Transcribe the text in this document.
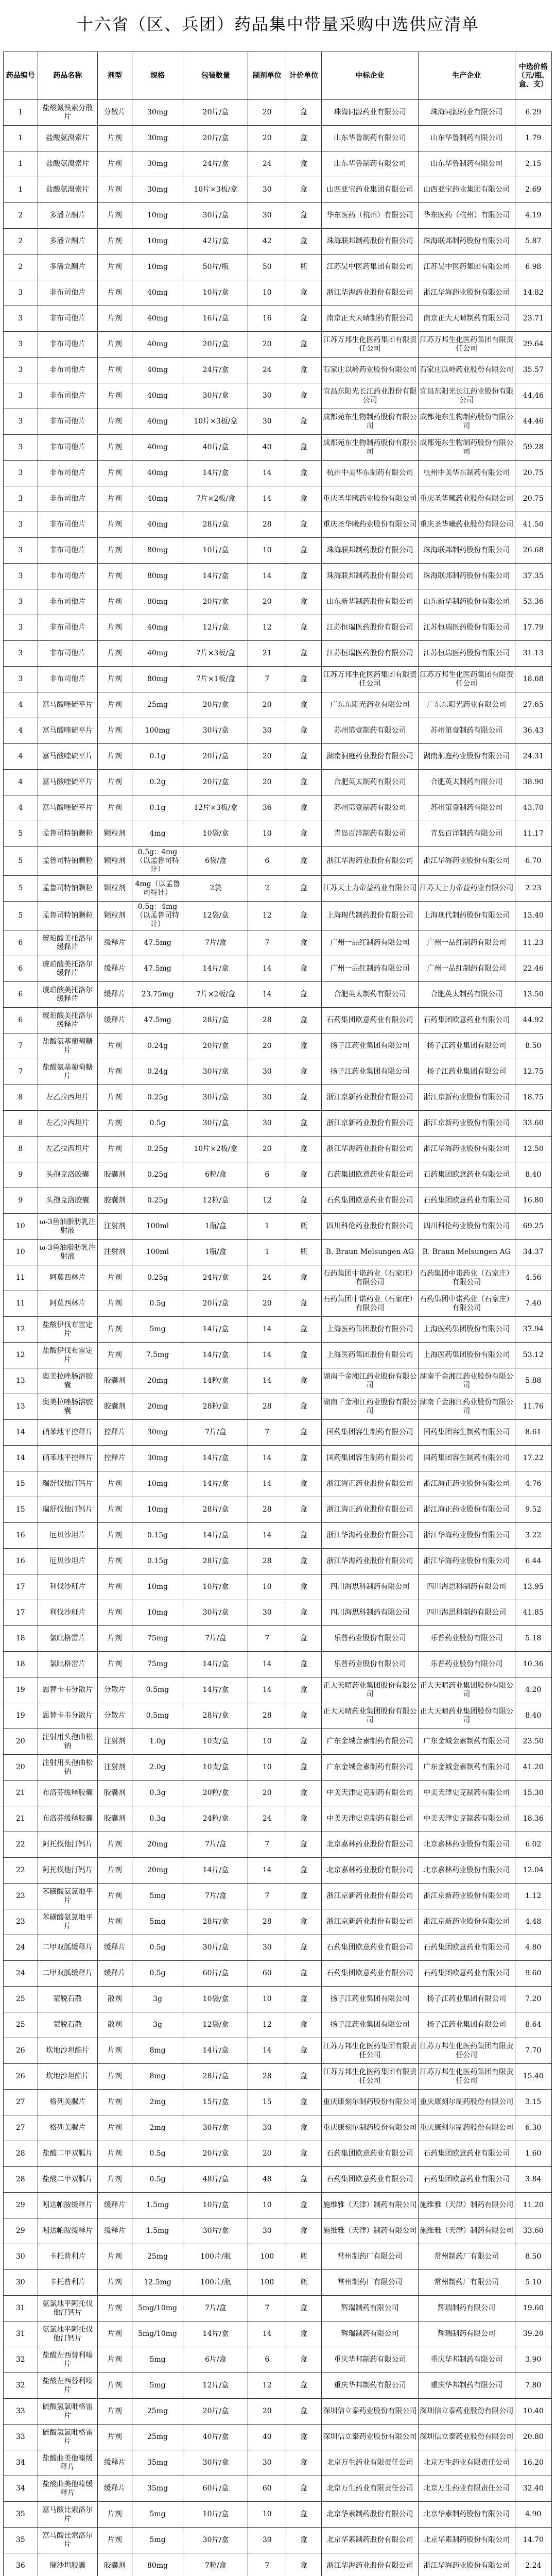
十六省（区、兵团）药品集中带量采购中选供应清单
药品编号	药品名称	剂型	规格	包装数量	制剂单位	计价单位	中标企业	生产企业	中选价格（元/瓶、盒、支）
1	盐酸氨溴索分散片	分散片	30mg	20片/盒	20	盒	珠海同源药业有限公司	珠海同源药业有限公司	6.29
1	盐酸氨溴索片	片剂	30mg	20片/盒	20	盒	山东华鲁制药有限公司	山东华鲁制药有限公司	1.79
1	盐酸氨溴索片	片剂	30mg	24片/盒	24	盒	山东华鲁制药有限公司	山东华鲁制药有限公司	2.15
1	盐酸氨溴索片	片剂	30mg	10片×3板/盒	30	盒	山西亚宝药业集团有限公司	山西亚宝药业集团有限公司	2.69
2	多潘立酮片	片剂	10mg	30片/盒	30	盒	华东医药（杭州）有限公司	华东医药（杭州）有限公司	4.19
2	多潘立酮片	片剂	10mg	42片/盒	42	盒	珠海联邦制药股份有限公司	珠海联邦制药股份有限公司	5.87
2	多潘立酮片	片剂	10mg	50片/瓶	50	瓶	江苏吴中医药集团有限公司	江苏吴中医药集团有限公司	6.98
3	非布司他片	片剂	40mg	10片/盒	10	盒	浙江华海药业股份有限公司	浙江华海药业股份有限公司	14.82
3	非布司他片	片剂	40mg	16片/盒	16	盒	南京正大天晴制药有限公司	南京正大天晴制药有限公司	23.71
3	非布司他片	片剂	40mg	20片/盒	20	盒	江苏万邦生化医药集团有限责任公司	江苏万邦生化医药集团有限责任公司	29.64
3	非布司他片	片剂	40mg	24片/盒	24	盒	石家庄以岭药业股份有限公司	石家庄以岭药业股份有限公司	35.57
3	非布司他片	片剂	40mg	30片/盒	30	盒	宜昌东阳光长江药业股份有限公司	宜昌东阳光长江药业股份有限公司	44.46
3	非布司他片	片剂	40mg	10片×3板/盒	30	盒	成都苑东生物制药股份有限公司	成都苑东生物制药股份有限公司	44.46
3	非布司他片	片剂	40mg	40片/盒	40	盒	成都苑东生物制药股份有限公司	成都苑东生物制药股份有限公司	59.28
3	非布司他片	片剂	40mg	14片/盒	14	盒	杭州中美华东制药有限公司	杭州中美华东制药有限公司	20.75
3	非布司他片	片剂	40mg	7片×2板/盒	14	盒	重庆圣华曦药业股份有限公司	重庆圣华曦药业股份有限公司	20.75
3	非布司他片	片剂	40mg	28片/盒	28	盒	重庆圣华曦药业股份有限公司	重庆圣华曦药业股份有限公司	41.50
3	非布司他片	片剂	80mg	10片/盒	10	盒	珠海联邦制药股份有限公司	珠海联邦制药股份有限公司	26.68
3	非布司他片	片剂	80mg	14片/盒	14	盒	珠海联邦制药股份有限公司	珠海联邦制药股份有限公司	37.35
3	非布司他片	片剂	80mg	20片/盒	20	盒	山东新华制药股份有限公司	山东新华制药股份有限公司	53.36
3	非布司他片	片剂	40mg	12片/盒	12	盒	江苏恒瑞医药股份有限公司	江苏恒瑞医药股份有限公司	17.79
3	非布司他片	片剂	40mg	7片×3板/盒	21	盒	江苏恒瑞医药股份有限公司	江苏恒瑞医药股份有限公司	31.13
3	非布司他片	片剂	80mg	7片×1板/盒	7	盒	江苏万邦生化医药集团有限责任公司	江苏万邦生化医药集团有限责任公司	18.68
4	富马酸喹硫平片	片剂	25mg	20片/盒	20	盒	广东东阳光药业有限公司	广东东阳光药业有限公司	27.65
4	富马酸喹硫平片	片剂	100mg	30片/盒	30	盒	苏州第壹制药有限公司	苏州第壹制药有限公司	36.43
4	富马酸喹硫平片	片剂	0.1g	20片/盒	20	盒	湖南洞庭药业股份有限公司	湖南洞庭药业股份有限公司	24.31
4	富马酸喹硫平片	片剂	0.2g	20片/盒	20	盒	合肥英太制药有限公司	合肥英太制药有限公司	38.90
4	富马酸喹硫平片	片剂	0.1g	12片×3板/盒	36	盒	苏州第壹制药有限公司	苏州第壹制药有限公司	43.70
5	孟鲁司特钠颗粒	颗粒剂	4mg	10袋/盒	10	盒	青岛百洋制药有限公司	青岛百洋制药有限公司	11.17
5	孟鲁司特钠颗粒	颗粒剂	0.5g：4mg（以孟鲁司特计）	6袋/盒	6	盒	浙江华海药业股份有限公司	浙江华海药业股份有限公司	6.70
5	孟鲁司特钠颗粒	颗粒剂	4mg（以孟鲁司特计）	2袋	2	盒	江苏天士力帝益药业有限公司	江苏天士力帝益药业有限公司	2.23
5	孟鲁司特钠颗粒	颗粒剂	0.5g：4mg（以孟鲁司特计）	12袋/盒	12	盒	上海现代制药股份有限公司	上海现代制药股份有限公司	13.40
6	琥珀酸美托洛尔缓释片	缓释片	47.5mg	7片/盒	7	盒	广州一品红制药有限公司	广州一品红制药有限公司	11.23
6	琥珀酸美托洛尔缓释片	缓释片	47.5mg	14片/盒	14	盒	广州一品红制药有限公司	广州一品红制药有限公司	22.46
6	琥珀酸美托洛尔缓释片	缓释片	23.75mg	7片×2板/盒	14	盒	合肥英太制药有限公司	合肥英太制药有限公司	13.50
6	琥珀酸美托洛尔缓释片	缓释片	47.5mg	28片/盒	28	盒	石药集团欧意药业有限公司	石药集团欧意药业有限公司	44.92
7	盐酸氨基葡萄糖片	片剂	0.24g	20片/盒	20	盒	扬子江药业集团有限公司	扬子江药业集团有限公司	8.50
7	盐酸氨基葡萄糖片	片剂	0.24g	30片/盒	30	盒	扬子江药业集团有限公司	扬子江药业集团有限公司	12.75
8	左乙拉西坦片	片剂	0.25g	30片/盒	30	盒	浙江京新药业股份有限公司	浙江京新药业股份有限公司	18.75
8	左乙拉西坦片	片剂	0.5g	30片/盒	30	盒	浙江京新药业股份有限公司	浙江京新药业股份有限公司	33.60
8	左乙拉西坦片	片剂	0.25g	10片×2板/盒	20	盒	浙江华海药业股份有限公司	浙江华海药业股份有限公司	12.50
9	头孢克洛胶囊	胶囊剂	0.25g	6粒/盒	6	盒	石药集团欧意药业有限公司	石药集团欧意药业有限公司	8.40
9	头孢克洛胶囊	胶囊剂	0.25g	12粒/盒	12	盒	石药集团欧意药业有限公司	石药集团欧意药业有限公司	16.80
10	ω-3鱼油脂肪乳注射液	注射剂	100ml	1瓶/盒	1	瓶	四川科伦药业股份有限公司	四川科伦药业股份有限公司	69.25
10	ω-3鱼油脂肪乳注射液	注射剂	100ml	1瓶/盒	1	瓶	B. Braun Melsungen AG	B. Braun Melsungen AG	34.37
11	阿莫西林片	片剂	0.25g	24片/盒	24	盒	石药集团中诺药业（石家庄）有限公司	石药集团中诺药业（石家庄）有限公司	4.56
11	阿莫西林片	片剂	0.5g	20片/盒	20	盒	石药集团中诺药业（石家庄）有限公司	石药集团中诺药业（石家庄）有限公司	7.40
12	盐酸伊伐布雷定片	片剂	5mg	14片/盒	14	盒	上海医药集团股份有限公司	上海医药集团股份有限公司	37.94
12	盐酸伊伐布雷定片	片剂	7.5mg	14片/盒	14	盒	上海医药集团股份有限公司	上海医药集团股份有限公司	53.12
13	奥美拉唑肠溶胶囊	胶囊剂	20mg	14粒/盒	14	盒	湖南千金湘江药业股份有限公司	湖南千金湘江药业股份有限公司	5.88
13	奥美拉唑肠溶胶囊	胶囊剂	20mg	28粒/盒	28	盒	湖南千金湘江药业股份有限公司	湖南千金湘江药业股份有限公司	11.76
14	硝苯地平控释片	控释片	30mg	7片/盒	7	盒	国药集团容生制药有限公司	国药集团容生制药有限公司	8.61
14	硝苯地平控释片	控释片	30mg	14片/盒	14	盒	国药集团容生制药有限公司	国药集团容生制药有限公司	17.22
15	瑞舒伐他汀钙片	片剂	10mg	14片/盒	14	盒	浙江海正药业股份有限公司	浙江海正药业股份有限公司	4.76
15	瑞舒伐他汀钙片	片剂	10mg	28片/盒	28	盒	浙江海正药业股份有限公司	浙江海正药业股份有限公司	9.52
16	厄贝沙坦片	片剂	0.15g	14片/盒	14	盒	浙江华海药业股份有限公司	浙江华海药业股份有限公司	3.22
16	厄贝沙坦片	片剂	0.15g	28片/盒	28	盒	浙江华海药业股份有限公司	浙江华海药业股份有限公司	6.44
17	利伐沙班片	片剂	10mg	10片/盒	10	盒	四川海思科制药有限公司	四川海思科制药有限公司	13.95
17	利伐沙班片	片剂	10mg	30片/盒	30	盒	四川海思科制药有限公司	四川海思科制药有限公司	41.85
18	氯吡格雷片	片剂	75mg	7片/盒	7	盒	乐普药业股份有限公司	乐普药业股份有限公司	5.18
18	氯吡格雷片	片剂	75mg	14片/盒	14	盒	乐普药业股份有限公司	乐普药业股份有限公司	10.36
19	恩替卡韦分散片	分散片	0.5mg	14片/盒	14	盒	正大天晴药业集团股份有限公司	正大天晴药业集团股份有限公司	4.20
19	恩替卡韦分散片	分散片	0.5mg	28片/盒	28	盒	正大天晴药业集团股份有限公司	正大天晴药业集团股份有限公司	8.40
20	注射用头孢曲松钠	注射剂	1.0g	10支/盒	10	盒	广东金城金素制药有限公司	广东金城金素制药有限公司	23.50
20	注射用头孢曲松钠	注射剂	2.0g	10支/盒	10	盒	广东金城金素制药有限公司	广东金城金素制药有限公司	41.20
21	布洛芬缓释胶囊	胶囊剂	0.3g	20粒/盒	20	盒	中美天津史克制药有限公司	中美天津史克制药有限公司	15.30
21	布洛芬缓释胶囊	胶囊剂	0.3g	24粒/盒	24	盒	中美天津史克制药有限公司	中美天津史克制药有限公司	18.36
22	阿托伐他汀钙片	片剂	20mg	7片/盒	7	盒	北京嘉林药业股份有限公司	北京嘉林药业股份有限公司	6.02
22	阿托伐他汀钙片	片剂	20mg	14片/盒	14	盒	北京嘉林药业股份有限公司	北京嘉林药业股份有限公司	12.04
23	苯磺酸氨氯地平片	片剂	5mg	7片/盒	7	盒	浙江京新药业股份有限公司	浙江京新药业股份有限公司	1.12
23	苯磺酸氨氯地平片	片剂	5mg	28片/盒	28	盒	浙江京新药业股份有限公司	浙江京新药业股份有限公司	4.48
24	二甲双胍缓释片	缓释片	0.5g	30片/盒	30	盒	石药集团欧意药业有限公司	石药集团欧意药业有限公司	4.80
24	二甲双胍缓释片	缓释片	0.5g	60片/盒	60	盒	石药集团欧意药业有限公司	石药集团欧意药业有限公司	9.60
25	蒙脱石散	散剂	3g	10袋/盒	10	盒	扬子江药业集团有限公司	扬子江药业集团有限公司	7.20
25	蒙脱石散	散剂	3g	12袋/盒	12	盒	扬子江药业集团有限公司	扬子江药业集团有限公司	8.64
26	坎地沙坦酯片	片剂	8mg	14片/盒	14	盒	江苏万邦生化医药集团有限责任公司	江苏万邦生化医药集团有限责任公司	7.70
26	坎地沙坦酯片	片剂	8mg	28片/盒	28	盒	江苏万邦生化医药集团有限责任公司	江苏万邦生化医药集团有限责任公司	15.40
27	格列美脲片	片剂	2mg	15片/盒	15	盒	重庆康刻尔制药股份有限公司	重庆康刻尔制药股份有限公司	3.15
27	格列美脲片	片剂	2mg	30片/盒	30	盒	重庆康刻尔制药股份有限公司	重庆康刻尔制药股份有限公司	6.30
28	盐酸二甲双胍片	片剂	0.5g	20片/盒	20	盒	石药集团欧意药业有限公司	石药集团欧意药业有限公司	1.60
28	盐酸二甲双胍片	片剂	0.5g	48片/盒	48	盒	石药集团欧意药业有限公司	石药集团欧意药业有限公司	3.84
29	吲达帕胺缓释片	缓释片	1.5mg	10片/盒	10	盒	施维雅（天津）制药有限公司	施维雅（天津）制药有限公司	11.20
29	吲达帕胺缓释片	缓释片	1.5mg	30片/盒	30	盒	施维雅（天津）制药有限公司	施维雅（天津）制药有限公司	33.60
30	卡托普利片	片剂	25mg	100片/瓶	100	瓶	常州制药厂有限公司	常州制药厂有限公司	8.50
30	卡托普利片	片剂	12.5mg	100片/瓶	100	瓶	常州制药厂有限公司	常州制药厂有限公司	5.10
31	氨氯地平阿托伐他汀钙片	片剂	5mg/10mg	7片/盒	7	盒	辉瑞制药有限公司	辉瑞制药有限公司	19.60
31	氨氯地平阿托伐他汀钙片	片剂	5mg/10mg	14片/盒	14	盒	辉瑞制药有限公司	辉瑞制药有限公司	39.20
32	盐酸左西替利嗪片	片剂	5mg	6片/盒	6	盒	重庆华邦制药有限公司	重庆华邦制药有限公司	3.90
32	盐酸左西替利嗪片	片剂	5mg	12片/盒	12	盒	重庆华邦制药有限公司	重庆华邦制药有限公司	7.80
33	硫酸氢氯吡格雷片	片剂	25mg	20片/盒	20	盒	深圳信立泰药业股份有限公司	深圳信立泰药业股份有限公司	10.40
33	硫酸氢氯吡格雷片	片剂	25mg	40片/盒	40	盒	深圳信立泰药业股份有限公司	深圳信立泰药业股份有限公司	20.80
34	盐酸曲美他嗪缓释片	缓释片	35mg	30片/盒	30	盒	北京万生药业有限责任公司	北京万生药业有限责任公司	16.20
34	盐酸曲美他嗪缓释片	缓释片	35mg	60片/盒	60	盒	北京万生药业有限责任公司	北京万生药业有限责任公司	32.40
35	富马酸比索洛尔片	片剂	5mg	10片/盒	10	盒	北京华素制药股份有限公司	北京华素制药股份有限公司	4.90
35	富马酸比索洛尔片	片剂	5mg	30片/盒	30	盒	北京华素制药股份有限公司	北京华素制药股份有限公司	14.70
36	缬沙坦胶囊	胶囊剂	80mg	7粒/盒	7	盒	浙江华海药业股份有限公司	浙江华海药业股份有限公司	2.24
